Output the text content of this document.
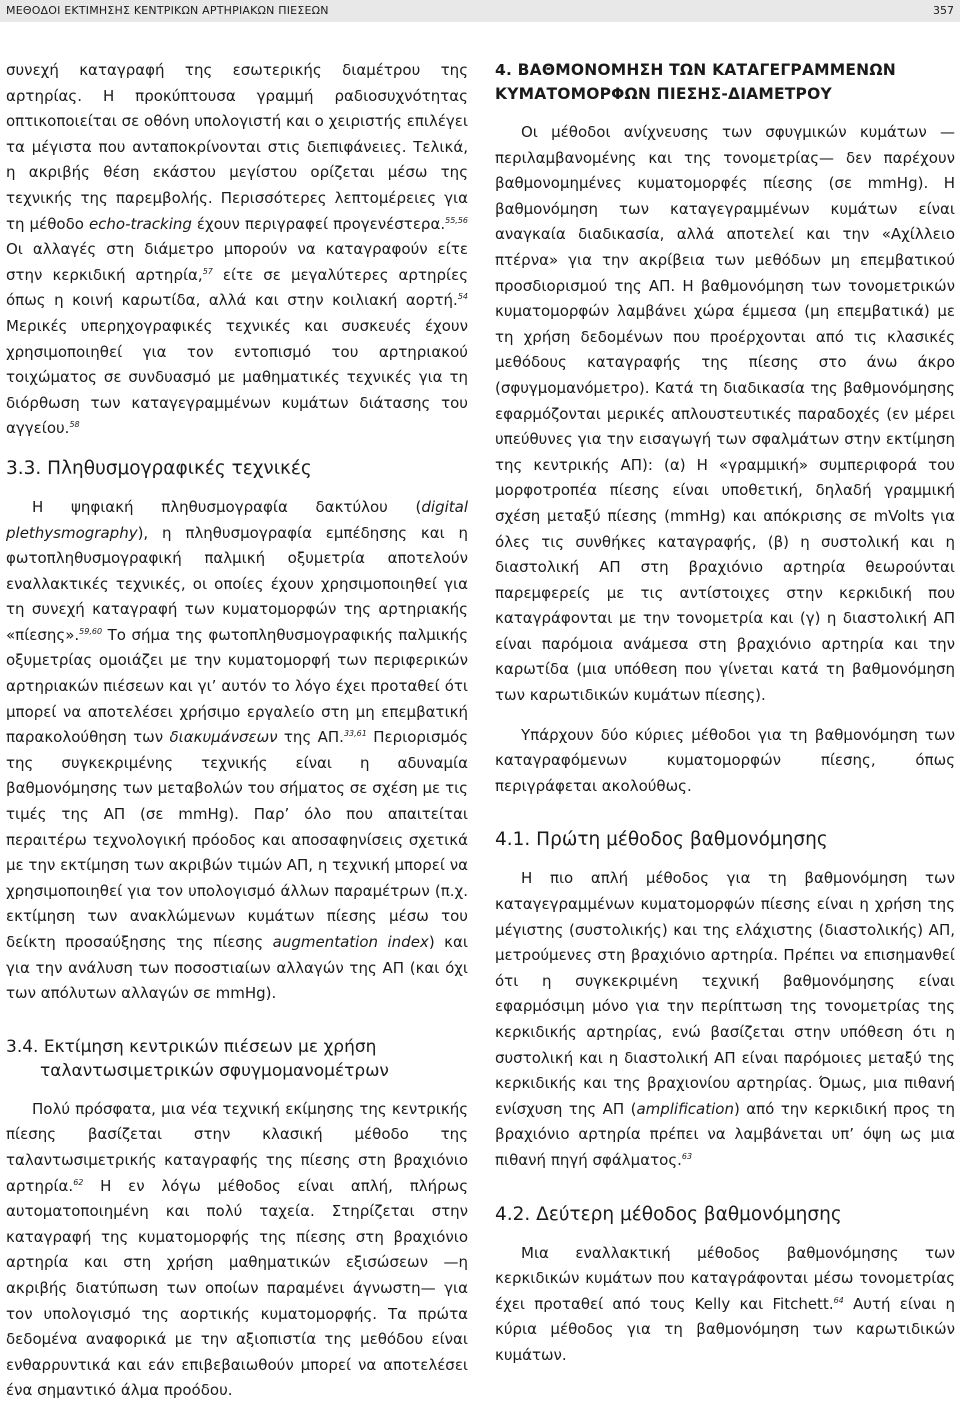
ΜΕΘΟΔΟΙ ΕΚΤΙΜΗΣΗΣ ΚΕΝΤΡΙΚΩΝ ΑΡΤΗΡΙΑΚΩΝ ΠΙΕΣΕΩΝ	357

συνεχή καταγραφή της εσωτερικής διαμέτρου της αρτηρίας. Η προκύπτουσα γραμμή ραδιοσυχνότητας οπτικοποιείται σε οθόνη υπολογιστή και ο χειριστής επιλέγει τα μέγιστα που ανταποκρίνονται στις διεπιφάνειες. Τελικά, η ακριβής θέση εκάστου μεγίστου ορίζεται μέσω της τεχνικής της παρεμβολής. Περισσότερες λεπτομέρειες για τη μέθοδο echo-tracking έχουν περιγραφεί προγενέστερα.$^{55,56}$ Οι αλλαγές στη διάμετρο μπορούν να καταγραφούν είτε στην κερκιδική αρτηρία,$^{57}$ είτε σε μεγαλύτερες αρτηρίες όπως η κοινή καρωτίδα, αλλά και στην κοιλιακή αορτή.$^{54}$ Μερικές υπερηχογραφικές τεχνικές και συσκευές έχουν χρησιμοποιηθεί για τον εντοπισμό του αρτηριακού τοιχώματος σε συνδυασμό με μαθηματικές τεχνικές για τη διόρθωση των καταγεγραμμένων κυμάτων διάτασης του αγγείου.$^{58}$

3.3. Πληθυσμογραφικές τεχνικές

Η ψηφιακή πληθυσμογραφία δακτύλου (digital plethysmography), η πληθυσμογραφία εμπέδησης και η φωτοπληθυσμογραφική παλμική οξυμετρία αποτελούν εναλλακτικές τεχνικές, οι οποίες έχουν χρησιμοποιηθεί για τη συνεχή καταγραφή των κυματομορφών της αρτηριακής «πίεσης».$^{59,60}$ Το σήμα της φωτοπληθυσμογραφικής παλμικής οξυμετρίας ομοιάζει με την κυματομορφή των περιφερικών αρτηριακών πιέσεων και γι’ αυτόν το λόγο έχει προταθεί ότι μπορεί να αποτελέσει χρήσιμο εργαλείο στη μη επεμβατική παρακολούθηση των διακυμάνσεων της ΑΠ.$^{33,61}$ Περιορισμός της συγκεκριμένης τεχνικής είναι η αδυναμία βαθμονόμησης των μεταβολών του σήματος σε σχέση με τις τιμές της ΑΠ (σε mmHg). Παρ’ όλο που απαιτείται περαιτέρω τεχνολογική πρόοδος και αποσαφηνίσεις σχετικά με την εκτίμηση των ακριβών τιμών ΑΠ, η τεχνική μπορεί να χρησιμοποιηθεί για τον υπολογισμό άλλων παραμέτρων (π.χ. εκτίμηση των ανακλώμενων κυμάτων πίεσης μέσω του δείκτη προσαύξησης της πίεσης augmentation index) και για την ανάλυση των ποσοστιαίων αλλαγών της ΑΠ (και όχι των απόλυτων αλλαγών σε mmHg).

3.4. Εκτίμηση κεντρικών πιέσεων με χρήση
ταλαντωσιμετρικών σφυγμομανομέτρων

Πολύ πρόσφατα, μια νέα τεχνική εκίμησης της κεντρικής πίεσης βασίζεται στην κλασική μέθοδο της ταλαντωσιμετρικής καταγραφής της πίεσης στη βραχιόνιο αρτηρία.$^{62}$ Η εν λόγω μέθοδος είναι απλή, πλήρως αυτοματοποιημένη και πολύ ταχεία. Στηρίζεται στην καταγραφή της κυματομορφής της πίεσης στη βραχιόνιο αρτηρία και στη χρήση μαθηματικών εξισώσεων —η ακριβής διατύπωση των οποίων παραμένει άγνωστη— για τον υπολογισμό της αορτικής κυματομορφής. Τα πρώτα δεδομένα αναφορικά με την αξιοπιστία της μεθόδου είναι ενθαρρυντικά και εάν επιβεβαιωθούν μπορεί να αποτελέσει ένα σημαντικό άλμα προόδου.

4. ΒΑΘΜΟΝΟΜΗΣΗ ΤΩΝ ΚΑΤΑΓΕΓΡΑΜΜΕΝΩΝ
ΚΥΜΑΤΟΜΟΡΦΩΝ ΠΙΕΣΗΣ-ΔΙΑΜΕΤΡΟΥ

Οι μέθοδοι ανίχνευσης των σφυγμικών κυμάτων —περιλαμβανομένης και της τονομετρίας— δεν παρέχουν βαθμονομημένες κυματομορφές πίεσης (σε mmHg). Η βαθμονόμηση των καταγεγραμμένων κυμάτων είναι αναγκαία διαδικασία, αλλά αποτελεί και την «Αχίλλειο πτέρνα» για την ακρίβεια των μεθόδων μη επεμβατικού προσδιορισμού της ΑΠ. Η βαθμονόμηση των τονομετρικών κυματομορφών λαμβάνει χώρα έμμεσα (μη επεμβατικά) με τη χρήση δεδομένων που προέρχονται από τις κλασικές μεθόδους καταγραφής της πίεσης στο άνω άκρο (σφυγμομανόμετρο). Κατά τη διαδικασία της βαθμονόμησης εφαρμόζονται μερικές απλουστευτικές παραδοχές (εν μέρει υπεύθυνες για την εισαγωγή των σφαλμάτων στην εκτίμηση της κεντρικής ΑΠ): (α) Η «γραμμική» συμπεριφορά του μορφοτροπέα πίεσης είναι υποθετική, δηλαδή γραμμική σχέση μεταξύ πίεσης (mmHg) και απόκρισης σε mVolts για όλες τις συνθήκες καταγραφής, (β) η συστολική και η διαστολική ΑΠ στη βραχιόνιο αρτηρία θεωρούνται παρεμφερείς με τις αντίστοιχες στην κερκιδική που καταγράφονται με την τονομετρία και (γ) η διαστολική ΑΠ είναι παρόμοια ανάμεσα στη βραχιόνιο αρτηρία και την καρωτίδα (μια υπόθεση που γίνεται κατά τη βαθμονόμηση των καρωτιδικών κυμάτων πίεσης).

Υπάρχουν δύο κύριες μέθοδοι για τη βαθμονόμηση των καταγραφόμενων κυματομορφών πίεσης, όπως περιγράφεται ακολούθως.

4.1. Πρώτη μέθοδος βαθμονόμησης

Η πιο απλή μέθοδος για τη βαθμονόμηση των καταγεγραμμένων κυματομορφών πίεσης είναι η χρήση της μέγιστης (συστολικής) και της ελάχιστης (διαστολικής) ΑΠ, μετρούμενες στη βραχιόνιο αρτηρία. Πρέπει να επισημανθεί ότι η συγκεκριμένη τεχνική βαθμονόμησης είναι εφαρμόσιμη μόνο για την περίπτωση της τονομετρίας της κερκιδικής αρτηρίας, ενώ βασίζεται στην υπόθεση ότι η συστολική και η διαστολική ΑΠ είναι παρόμοιες μεταξύ της κερκιδικής και της βραχιονίου αρτηρίας. Όμως, μια πιθανή ενίσχυση της ΑΠ (amplification) από την κερκιδική προς τη βραχιόνιο αρτηρία πρέπει να λαμβάνεται υπ’ όψη ως μια πιθανή πηγή σφάλματος.$^{63}$

4.2. Δεύτερη μέθοδος βαθμονόμησης

Μια εναλλακτική μέθοδος βαθμονόμησης των κερκιδικών κυμάτων που καταγράφονται μέσω τονομετρίας έχει προταθεί από τους Kelly και Fitchett.$^{64}$ Αυτή είναι η κύρια μέθοδος για τη βαθμονόμηση των καρωτιδικών κυμάτων.
